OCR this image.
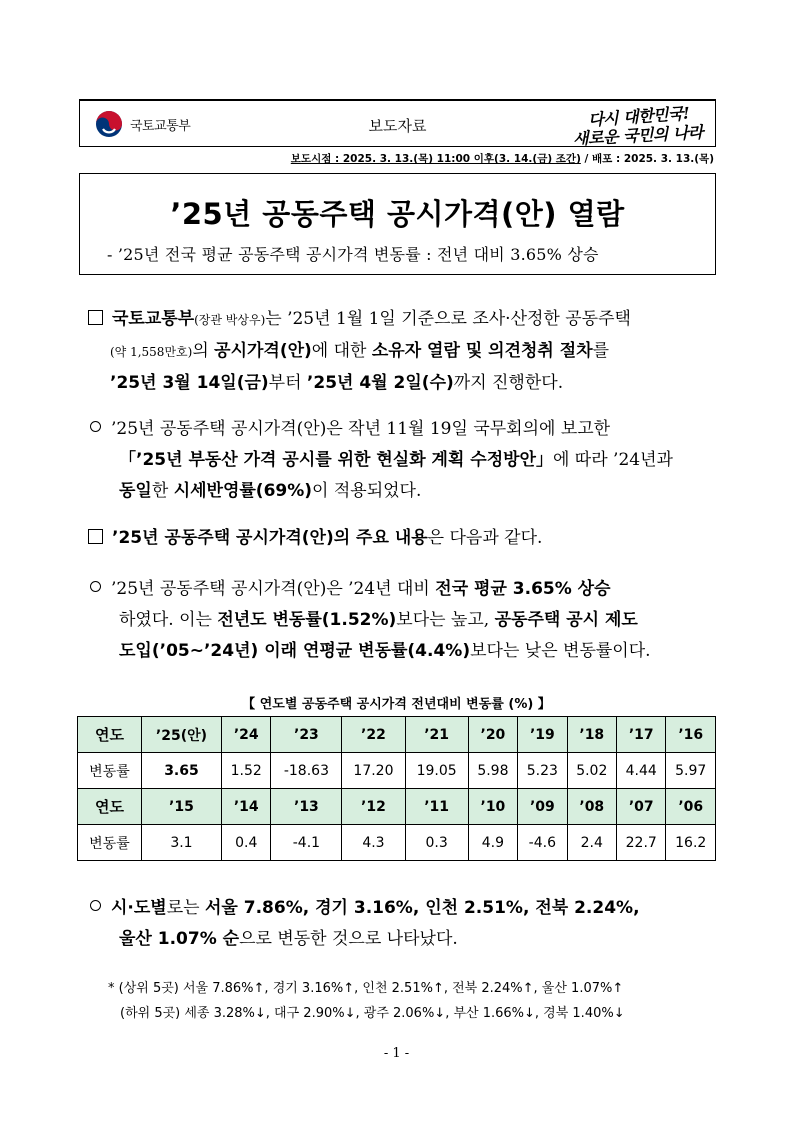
국토교통부	보도자료	다시 대한민국!
새로운 국민의 나라
보도시점 : 2025. 3. 13.(목) 11:00 이후(3. 14.(금) 조간) / 배포 : 2025. 3. 13.(목)
’25년 공동주택 공시가격(안) 열람
- ’25년 전국 평균 공동주택 공시가격 변동률 : 전년 대비 3.65% 상승
국토교통부(장관 박상우)는 ’25년 1월 1일 기준으로 조사·산정한 공동주택
(약 1,558만호)의 공시가격(안)에 대한 소유자 열람 및 의견청취 절차를
’25년 3월 14일(금)부터 ’25년 4월 2일(수)까지 진행한다.
’25년 공동주택 공시가격(안)은 작년 11월 19일 국무회의에 보고한
「’25년 부동산 가격 공시를 위한 현실화 계획 수정방안」에 따라 ’24년과
동일한 시세반영률(69%)이 적용되었다.
’25년 공동주택 공시가격(안)의 주요 내용은 다음과 같다.
’25년 공동주택 공시가격(안)은 ’24년 대비 전국 평균 3.65% 상승
하였다. 이는 전년도 변동률(1.52%)보다는 높고, 공동주택 공시 제도
도입(’05~’24년) 이래 연평균 변동률(4.4%)보다는 낮은 변동률이다.
【 연도별 공동주택 공시가격 전년대비 변동률 (%) 】
연도	’25(안)	’24	’23	’22	’21	’20	’19	’18	’17	’16
변동률	3.65	1.52	-18.63	17.20	19.05	5.98	5.23	5.02	4.44	5.97
연도	’15	’14	’13	’12	’11	’10	’09	’08	’07	’06
변동률	3.1	0.4	-4.1	4.3	0.3	4.9	-4.6	2.4	22.7	16.2
시·도별로는 서울 7.86%, 경기 3.16%, 인천 2.51%, 전북 2.24%,
울산 1.07% 순으로 변동한 것으로 나타났다.
* (상위 5곳) 서울 7.86%↑, 경기 3.16%↑, 인천 2.51%↑, 전북 2.24%↑, 울산 1.07%↑
(하위 5곳) 세종 3.28%↓, 대구 2.90%↓, 광주 2.06%↓, 부산 1.66%↓, 경북 1.40%↓
- 1 -
